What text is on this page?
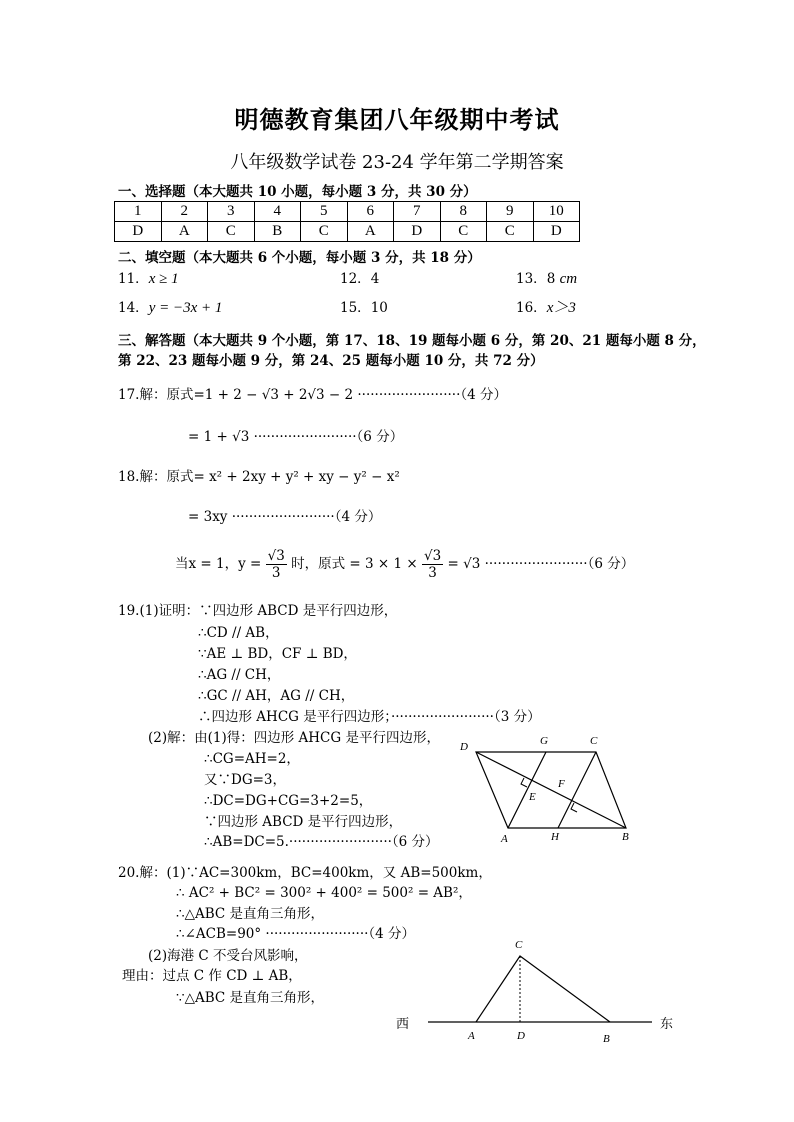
明德教育集团八年级期中考试
八年级数学试卷 23-24 学年第二学期答案
一、选择题（本大题共 10 小题，每小题 3 分，共 30 分）
1	2	3	4	5	6	7	8	9	10
D	A	C	B	C	A	D	C	C	D
二、填空题（本大题共 6 个小题，每小题 3 分，共 18 分）
11．x ≥ 1	12．4	13．8 cm
14．y = −3x + 1	15．10	16．x＞3
三、解答题（本大题共 9 个小题，第 17、18、19 题每小题 6 分，第 20、21 题每小题 8 分，
第 22、23 题每小题 9 分，第 24、25 题每小题 10 分，共 72 分）
17.解：原式=1 + 2 − √3 + 2√3 − 2 ························（4 分）
= 1 + √3 ························（6 分）
18.解：原式= x² + 2xy + y² + xy − y² − x²
= 3xy ························（4 分）
当x = 1，$y = \frac{√3}{3}$ 时，原式 = $3 \times 1 \times \frac{√3}{3} = √3 \cdot\cdot\cdot\cdot\cdot\cdot\cdot\cdot\cdot\cdot\cdot\cdot\cdot\cdot\cdot\cdot\cdot\cdot\cdot\cdot\cdot\cdot\cdot\cdot(6$ 分）
19.(1)证明：∵四边形 ABCD 是平行四边形，
∴CD // AB，
∵AE ⊥ BD，CF ⊥ BD，
∴AG // CH，
∴GC // AH，AG // CH，
∴四边形 AHCG 是平行四边形；························（3 分）
(2)解：由(1)得：四边形 AHCG 是平行四边形，
∴CG=AH=2，
又∵DG=3，
∴DC=DG+CG=3+2=5，
∵四边形 ABCD 是平行四边形，
∴AB=DC=5.························（6 分）
D	G	C
F
E
A	H	B
20.解：(1)∵AC=300km，BC=400km，又 AB=500km，
∴ AC² + BC² = 300² + 400² = 500² = AB²，
∴△ABC 是直角三角形，
∴∠ACB=90° ························（4 分）
(2)海港 C 不受台风影响，
理由：过点 C 作 CD ⊥ AB，
∵△ABC 是直角三角形，
C
西	东
A	D	B
